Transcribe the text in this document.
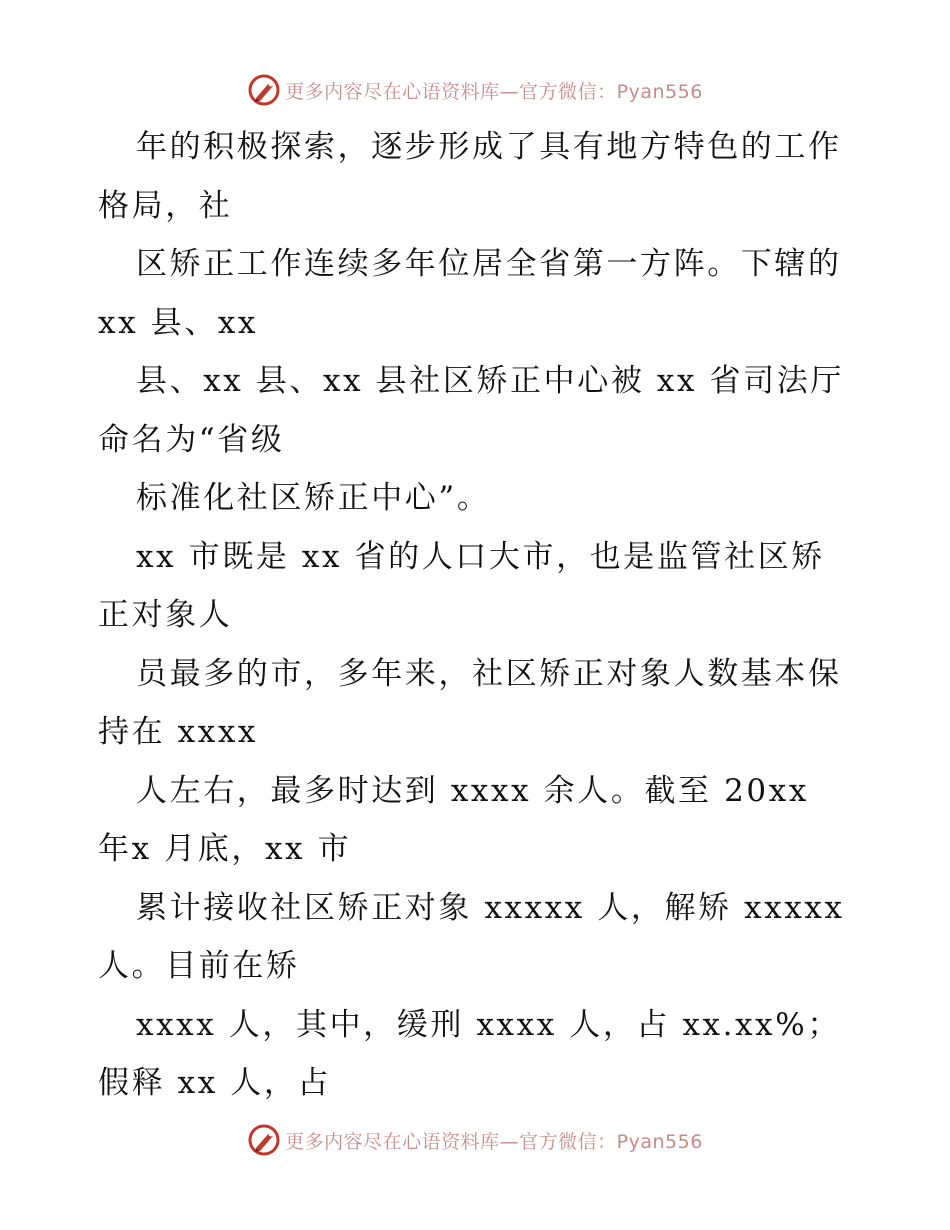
更多内容尽在心语资料库—官方微信：Pyan556

年的积极探索，逐步形成了具有地方特色的工作格局，社

区矫正工作连续多年位居全省第一方阵。下辖的xx 县、xx

县、xx 县、xx 县社区矫正中心被 xx 省司法厅命名为“省级

标准化社区矫正中心”。

xx 市既是 xx 省的人口大市，也是监管社区矫正对象人

员最多的市，多年来，社区矫正对象人数基本保持在 xxxx

人左右，最多时达到 xxxx 余人。截至 20xx 年x 月底，xx 市

累计接收社区矫正对象 xxxxx 人，解矫 xxxxx人。目前在矫

xxxx 人，其中，缓刑 xxxx 人，占 xx.xx%；假释 xx 人，占

更多内容尽在心语资料库—官方微信：Pyan556
